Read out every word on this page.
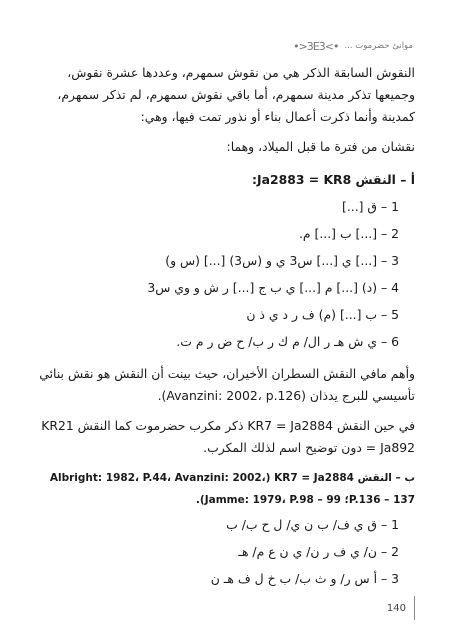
موانئ حضرموت ...
•>3E3<•

النقوش السابقة الذكر هي من نقوش سمهرم، وعددها عشرة نقوش، وجميعها تذكر مدينة سمهرم، أما باقي نقوش سمهرم، لم تذكر سمهرم، كمدينة وأنما ذكرت أعمال بناء أو نذور تمت فيها، وهي:

نقشان من فترة ما قبل الميلاد، وهما:

أ – النقش Ja2883 = KR8:

1 – ق [...]

2 – [...] ب [...] م.

3 – [...] ي [...] س3 ي و (س3) [...] (س و)

4 – (د) [...] م [...] ي ب ج [...] ر ش و وي س3

5 – ب [...] (م) ف ر د ي ذ ن

6 – ي ش هـ ر ال/ م ك ر ب/ ح ض ر م ت.

وأهم مافي النقش السطران الأخيران، حيث بينت أن النقش هو نقش بنائي تأسيسي للبرج يدذان (Avanzini: 2002، p.126).

في حين النقش KR7 = Ja2884 ذكر مكرب حضرموت كما النقش KR21 = Ja892 دون توضيح اسم لذلك المكرب.

ب – النقش KR7 = Ja2884 (Albright: 1982، P.44، Avanzini: 2002، P.136 – 137؛ Jamme: 1979، P.98 – 99).

1 – ق ي ف/ ب ن ي/ ل ح ب/ ب

2 – ن/ ي ف ر ن/ ي ن ع م/ هـ

3 – أ س ر/ و ث ب/ ب خ ل ف هـ ن

140
